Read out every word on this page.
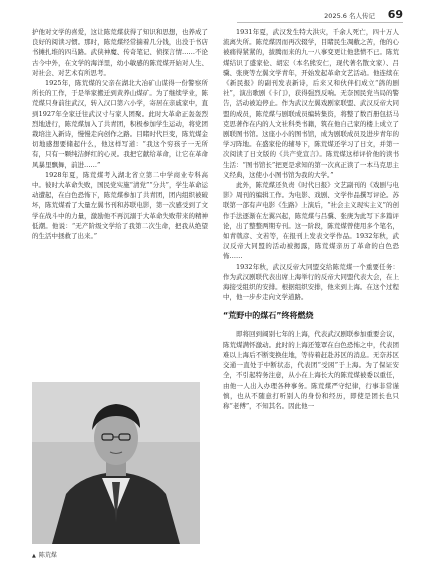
2025.6 名人传记 69

护他对文学的喜爱，这让陈荒煤获得了知识和思想，也养成了良好的阅读习惯。那时，陈荒煤经常揣着几分钱，出没于书店书摊扎堆的四马路。武侠神魔、传奇笔记、侦探言情……不论古今中外，在文学的海洋里，幼小敏感的陈荒煤开始对人生、对社会、对艺术有所思考。

1925年，陈荒煤的父亲在湖北大冶矿山谋得一份警察所所长的工作，于是举家搬迁到黄养山煤矿。为了继续学业，陈荒煤只身前往武汉，转入汉口第六小学，寄居在亲戚家中，直到1927年全家迁往武汉寸与家人团聚。此时大革命正轰轰烈烈地进行，陈荒煤加入了共青团，积极参加学生运动，将党团栽培注入新诗，慢慢走向创作之路。目睹时代巨变，陈荒煤金切地感想要储起什么，他这样写道：“我这个穷孩子一无所有，只有一颗纯洁鲜红的心灵。我把它献给革命，让它在革命风暴里飘舞，前进……”

1928年夏，陈荒煤考入湖北省立第二中学商业专科高中。彼时大革命失败，国民党实施“清党”“分共”，学生革命运动遭起，在白色恐怖下，陈荒煤参加了共青团，团内组织被破坏，陈荒煤看了大量左翼书刊和苏联电影，第一次感受到了文学在战斗中的力量，激励他不再沉溺于大革命失败带来的精神低潮。他说：“无产阶级文学给了我第二次生命，把我从绝望的生活中拯救了出来。”

▲ 陈荒煤

1931年夏，武汉发生特大洪灾，千余人死亡，四十万人流离失所。陈荒煤因而再次辍学，目睹民生凋敝之苦，他的心被痛得紧紧的，拔腾而来的九一八事变更让他悲愤不已。陈荒煤结识了盛家伦、胡宏（本名熊安仁，现代著名散文家）、吕骥、张庚等左翼文学青年，开始发起革命文艺活动。他连续在《新民报》的副刊发表新诗，后来又和伙伴们成立“鸽的剧社”，演出歌剧《卡门》，获得强烈反响。无奈国民党当局的警告，活动被迫停止。作为武汉左翼戏剧家联盟、武汉反帝大同盟的成员，陈荒煤与剧联成员编转集资，将整了数百册包括马克思著作在内的人文社科类书籍，筑在他自己家的楼上成立了剧联图书馆。这座小小的图书馆，成为剧联成员及进步青年的学习阵地。在盛家伦的辅导下，陈荒煤还学习了日文，并第一次阅读了日文版的《共产党宣言》。陈荒煤这样评价他的读书生活：“图书馆长”把更是求知的第一次真正读了一本马克思主义经典，这使小小图书馆为我的大学。”

此外，陈荒煤还负责《时代日报》文艺副刊的《戏剧与电影》周刊的编辑工作。为电影、戏剧、文学作品撰写评论。苏联第一部有声电影《生路》上演后，“社会主义现实主义”的创作手法逐渐在左翼兴起，陈荒煤与吕骥、张庚为此写下多篇评论，出了整整两期专刊。这一阶段，陈荒煤曾使用多个笔名，如青戟彦、文若等，在报刊上发表文学作品。1932年秋，武汉反帝大同盟的活动被揭露，陈荒煤亲历了革命的白色恐怖……

1932年秋，武汉反帝大同盟交给陈荒煤一个重要任务：作为武汉剧联代表出席上海举行的反帝大同盟代表大会，在上海接受组织的安排。根据组织安排，他来到上海。在这个过程中，他一步步走向文学道路。

“荒野中的煤石”终将燃烧

即将回到阔别七年的上海，代表武汉剧联参加重要会议，陈荒煤满怀激动。此时的上海还笼罩在白色恐怖之中，代表团难以上海后不断变换住地，等待着赶赴苏区的消息。无奈苏区交通一直处于中断状态，代表团“受困”于上海。为了保证安全，不引起特务注意，从小在上海长大的陈荒煤被委以重任，由他一人出入办理各种事务。陈荒煤严守纪律，行事非常谨慎，也从不随意打听别人的身份和经历，即使是团长也只称“老傅”，不知其名。因此他一
